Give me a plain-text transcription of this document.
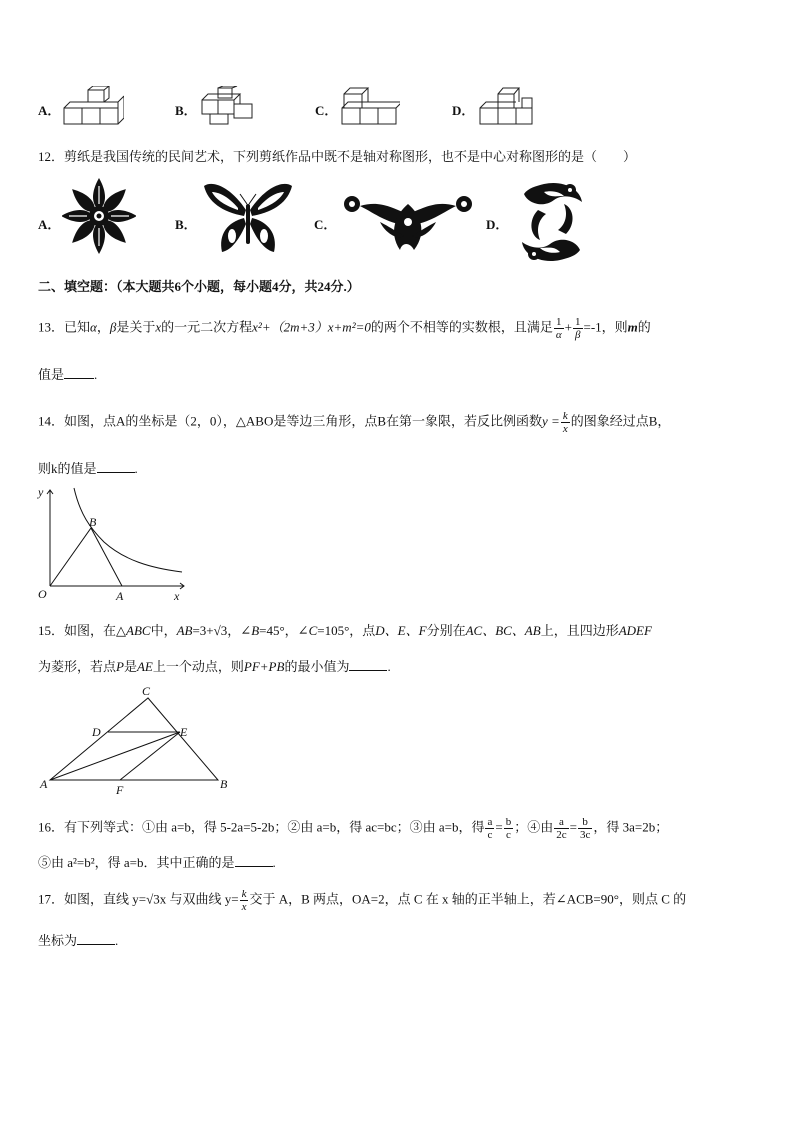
A．	B．	C．	D．
12．剪纸是我国传统的民间艺术，下列剪纸作品中既不是轴对称图形，也不是中心对称图形的是（　　）
A．	B．	C．	D．
二、填空题：（本大题共6个小题，每小题4分，共24分.）
13．已知α，β是关于x的一元二次方程x²+（2m+3）x+m²=0的两个不相等的实数根，且满足 $\frac{1}{\alpha} + \frac{1}{\beta} =-1$，则m的
值是 .
14．如图，点A的坐标是（2，0），△ABO是等边三角形，点B在第一象限，若反比例函数$y = \frac{k}{x}$ 的图象经过点B，
则k的值是	.
y
O	A
B
x
15．如图，在△ABC中，AB=3+√3，∠B=45°，∠C=105°，点D、E、F分别在AC、BC、AB上，且四边形ADEF
为菱形，若点P是AE上一个动点，则PF+PB的最小值为	.
C
D	E
A	F	B
16．有下列等式：①由 a=b，得 5-2a=5-2b；②由 a=b，得 ac=bc；③由 a=b，得 $\frac{a}{c} = \frac{b}{c}$ ；④由 $\frac{a}{2c} = \frac{b}{3c}$ ，得 3a=2b；
⑤由 a²=b²，得 a=b．其中正确的是	.
17．如图，直线 y=√3x 与双曲线 $y= \frac{k}{x}$ 交于 A，B 两点，OA=2，点 C 在 x 轴的正半轴上，若∠ACB=90°，则点 C 的
坐标为	.
